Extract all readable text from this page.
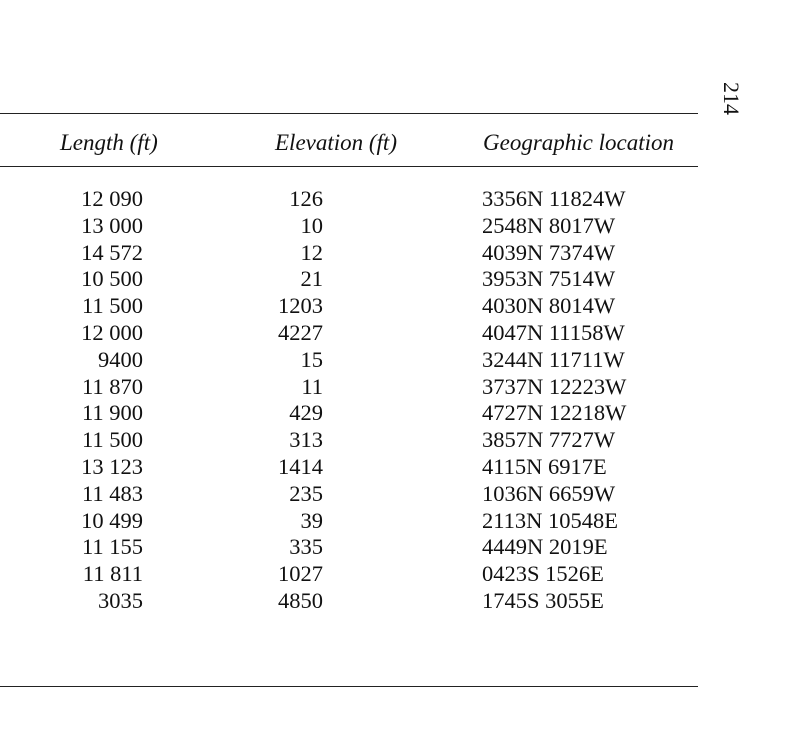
214
Length (ft)	Elevation (ft)	Geographic location
12 090	126	3356N 11824W
13 000	10	2548N 8017W
14 572	12	4039N 7374W
10 500	21	3953N 7514W
11 500	1203	4030N 8014W
12 000	4227	4047N 11158W
9400	15	3244N 11711W
11 870	11	3737N 12223W
11 900	429	4727N 12218W
11 500	313	3857N 7727W
13 123	1414	4115N 6917E
11 483	235	1036N 6659W
10 499	39	2113N 10548E
11 155	335	4449N 2019E
11 811	1027	0423S 1526E
3035	4850	1745S 3055E
